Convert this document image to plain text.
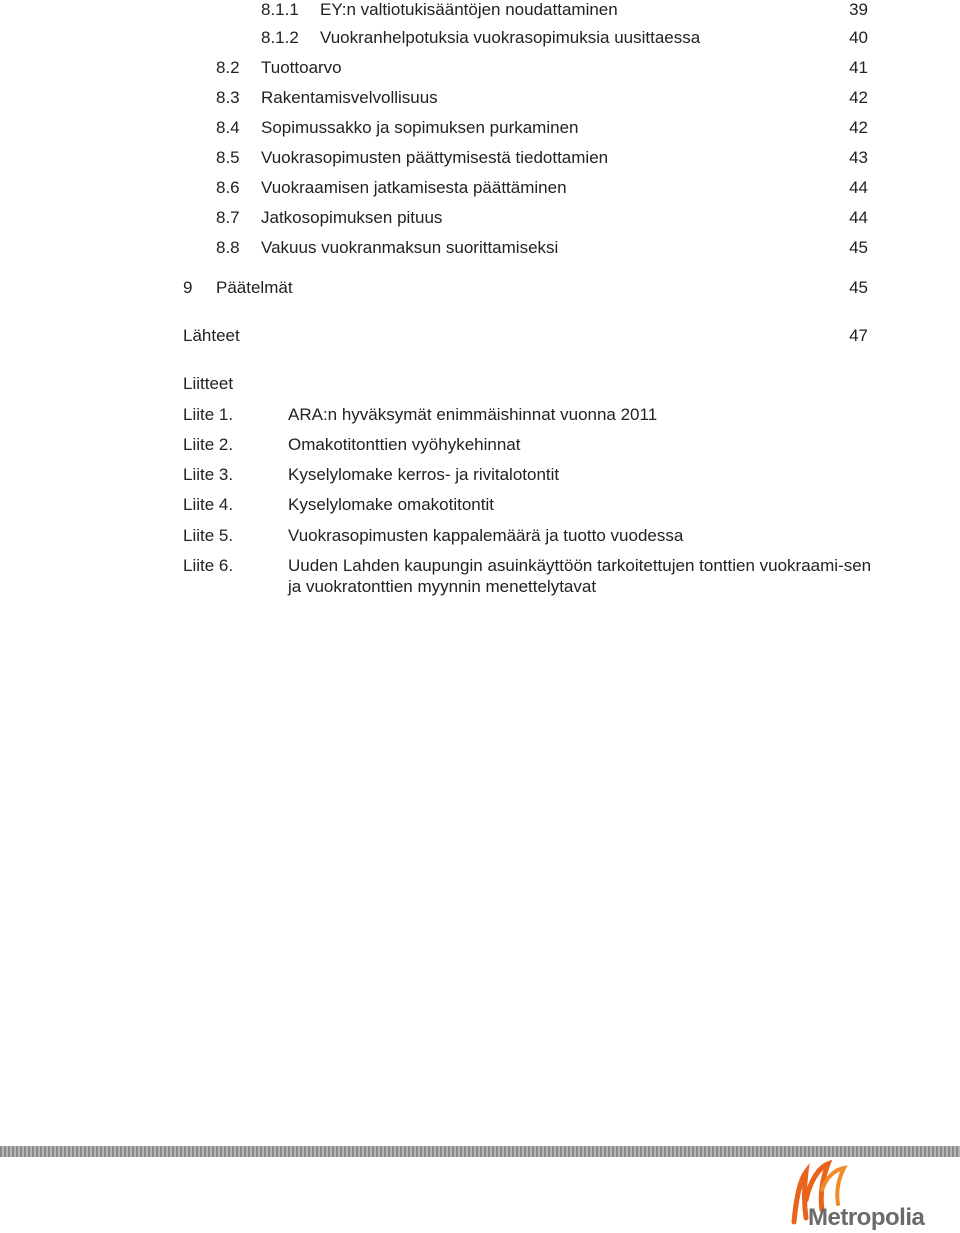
8.1.1 EY:n valtiotukisääntöjen noudattaminen	39
8.1.2 Vuokranhelpotuksia vuokrasopimuksia uusittaessa	40
8.2 Tuottoarvo	41
8.3 Rakentamisvelvollisuus	42
8.4 Sopimussakko ja sopimuksen purkaminen	42
8.5 Vuokrasopimusten päättymisestä tiedottamien	43
8.6 Vuokraamisen jatkamisesta päättäminen	44
8.7 Jatkosopimuksen pituus	44
8.8 Vakuus vuokranmaksun suorittamiseksi	45
9 Päätelmät	45
Lähteet	47
Liitteet
Liite 1.	ARA:n hyväksymät enimmäishinnat vuonna 2011
Liite 2.	Omakotitonttien vyöhykehinnat
Liite 3.	Kyselylomake kerros- ja rivitalotontit
Liite 4.	Kyselylomake omakotitontit
Liite 5.	Vuokrasopimusten kappalemäärä ja tuotto vuodessa
Liite 6.	Uuden Lahden kaupungin asuinkäyttöön tarkoitettujen tonttien vuokraami-sen ja vuokratonttien myynnin menettelytavat
Metropolia
